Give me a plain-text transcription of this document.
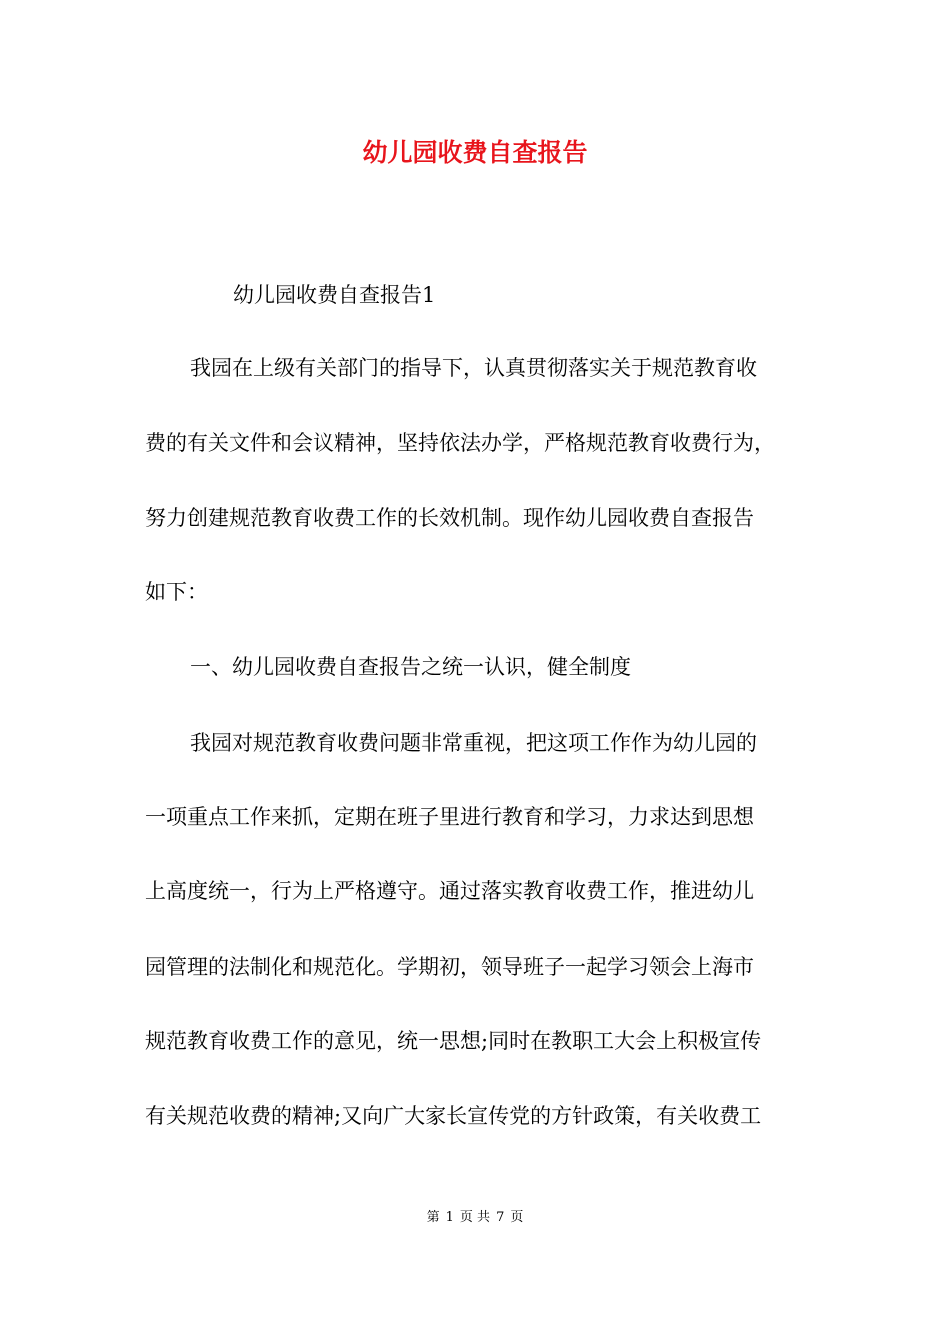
幼儿园收费自查报告

幼儿园收费自查报告1

我园在上级有关部门的指导下，认真贯彻落实关于规范教育收

费的有关文件和会议精神，坚持依法办学，严格规范教育收费行为，

努力创建规范教育收费工作的长效机制。现作幼儿园收费自查报告

如下：

一、幼儿园收费自查报告之统一认识，健全制度

我园对规范教育收费问题非常重视，把这项工作作为幼儿园的

一项重点工作来抓，定期在班子里进行教育和学习，力求达到思想

上高度统一，行为上严格遵守。通过落实教育收费工作，推进幼儿

园管理的法制化和规范化。学期初，领导班子一起学习领会上海市

规范教育收费工作的意见，统一思想;同时在教职工大会上积极宣传

有关规范收费的精神;又向广大家长宣传党的方针政策，有关收费工

第 1 页 共 7 页
